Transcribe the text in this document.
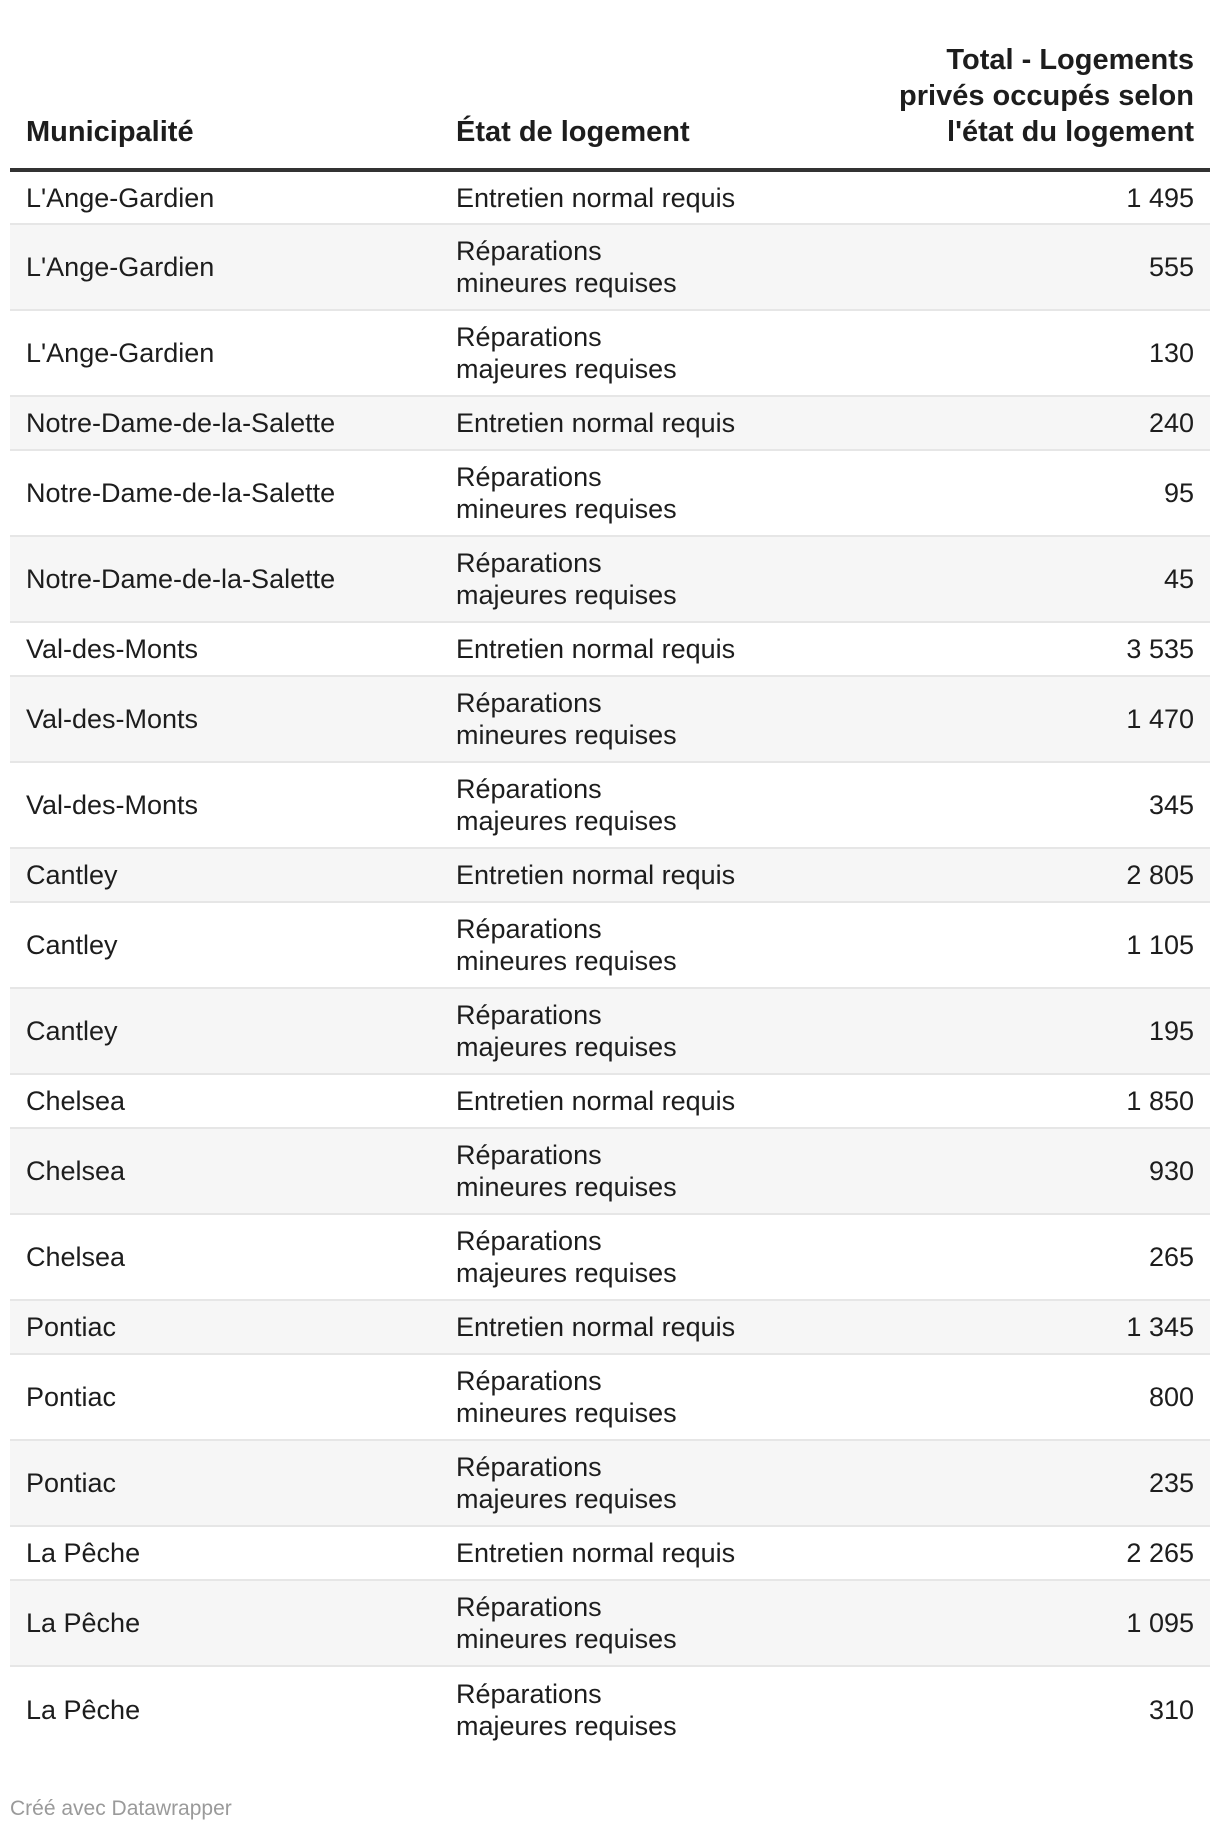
Municipalité	État de logement	Total - Logements privés occupés selon l'état du logement
L'Ange-Gardien	Entretien normal requis	1 495
L'Ange-Gardien	Réparations mineures requises	555
L'Ange-Gardien	Réparations majeures requises	130
Notre-Dame-de-la-Salette	Entretien normal requis	240
Notre-Dame-de-la-Salette	Réparations mineures requises	95
Notre-Dame-de-la-Salette	Réparations majeures requises	45
Val-des-Monts	Entretien normal requis	3 535
Val-des-Monts	Réparations mineures requises	1 470
Val-des-Monts	Réparations majeures requises	345
Cantley	Entretien normal requis	2 805
Cantley	Réparations mineures requises	1 105
Cantley	Réparations majeures requises	195
Chelsea	Entretien normal requis	1 850
Chelsea	Réparations mineures requises	930
Chelsea	Réparations majeures requises	265
Pontiac	Entretien normal requis	1 345
Pontiac	Réparations mineures requises	800
Pontiac	Réparations majeures requises	235
La Pêche	Entretien normal requis	2 265
La Pêche	Réparations mineures requises	1 095
La Pêche	Réparations majeures requises	310
Créé avec Datawrapper
